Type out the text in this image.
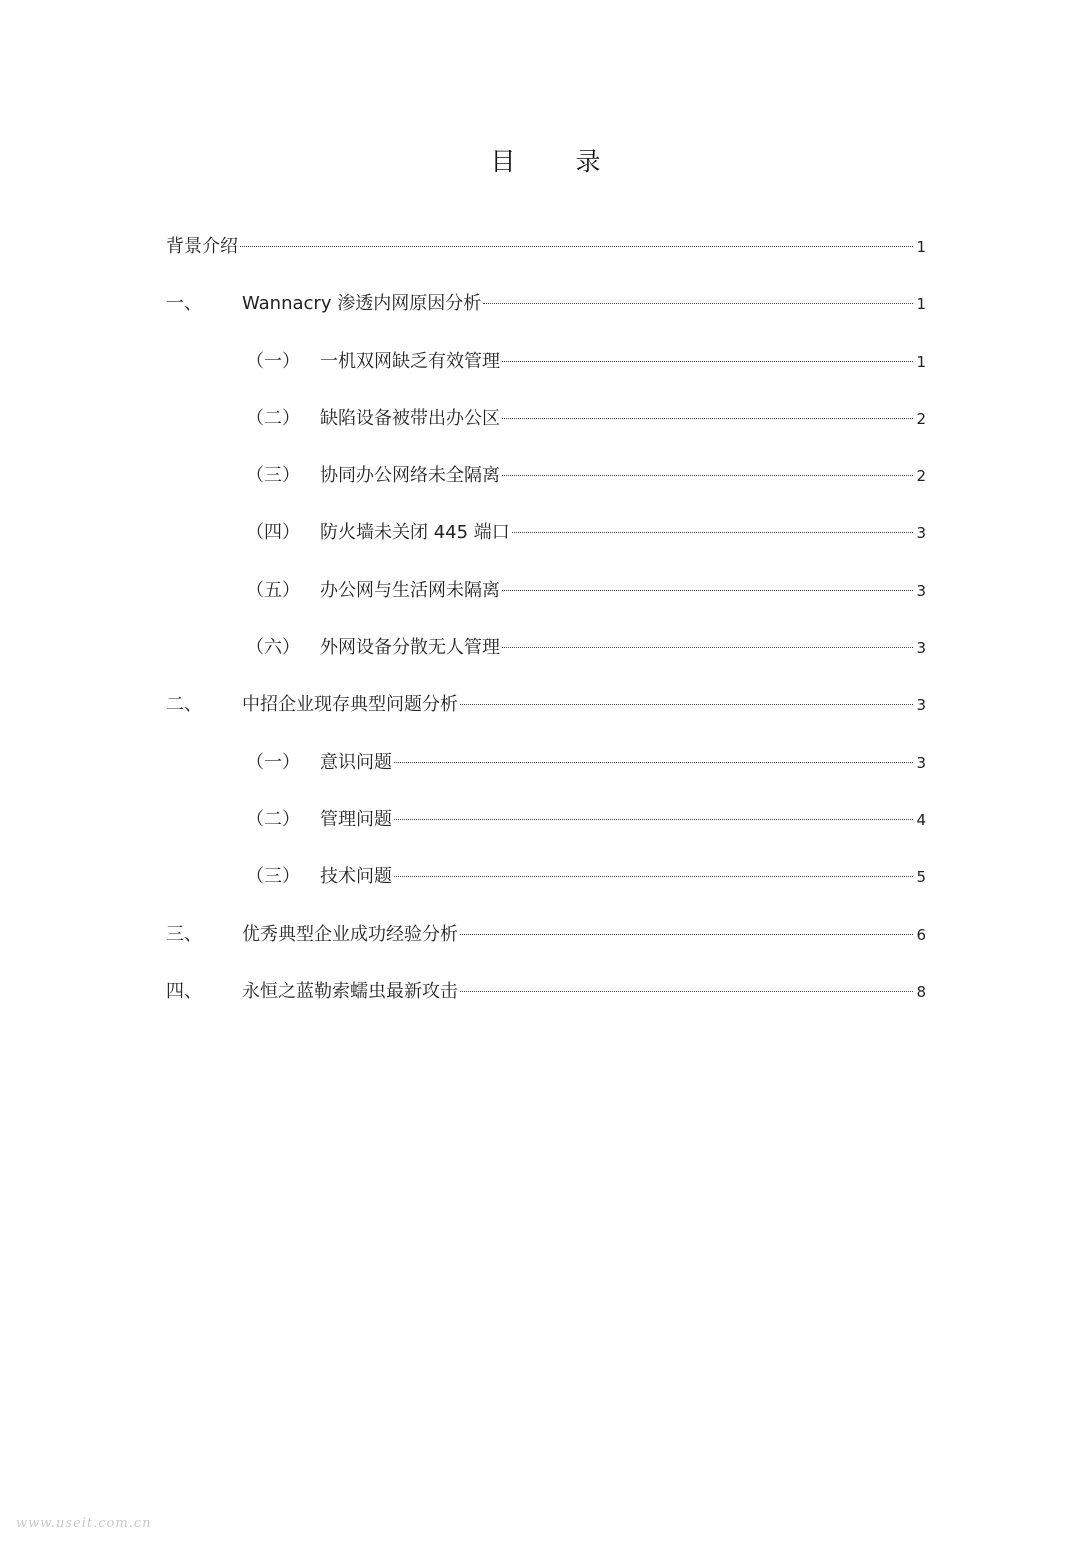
目 录
背景介绍	1
一、	Wannacry 渗透内网原因分析	1
（一）	一机双网缺乏有效管理	1
（二）	缺陷设备被带出办公区	2
（三）	协同办公网络未全隔离	2
（四）	防火墙未关闭 445 端口	3
（五）	办公网与生活网未隔离	3
（六）	外网设备分散无人管理	3
二、	中招企业现存典型问题分析	3
（一）	意识问题	3
（二）	管理问题	4
（三）	技术问题	5
三、	优秀典型企业成功经验分析	6
四、	永恒之蓝勒索蠕虫最新攻击	8
www.useit.com.cn
